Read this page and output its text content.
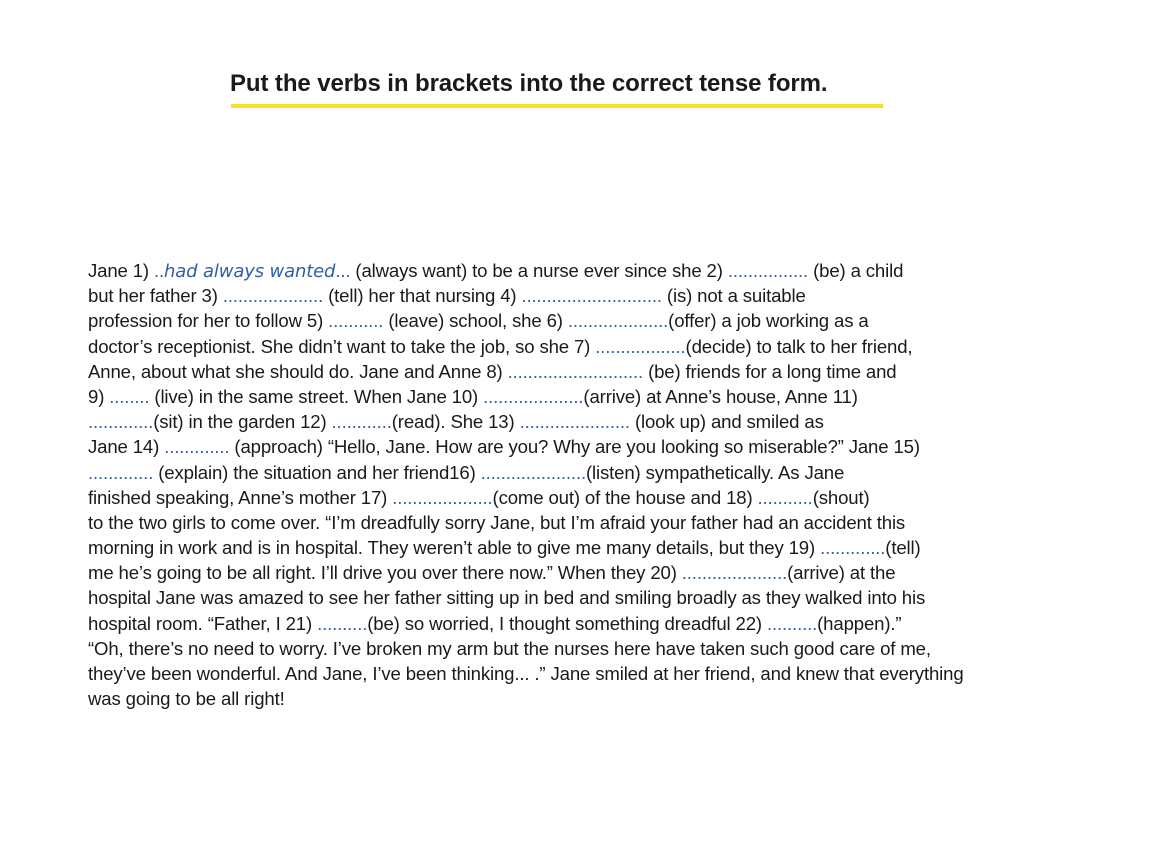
Put the verbs in brackets into the correct tense form.
Jane 1) ..had always wanted... (always want) to be a nurse ever since she 2) ................ (be) a child
but her father 3) .................... (tell) her that nursing 4) ............................ (is) not a suitable
profession for her to follow 5) ........... (leave) school, she 6) ....................(offer) a job working as a
doctor’s receptionist. She didn’t want to take the job, so she 7) ..................(decide) to talk to her friend,
Anne, about what she should do. Jane and Anne 8) ........................... (be) friends for a long time and
9) ........ (live) in the same street. When Jane 10) ....................(arrive) at Anne’s house, Anne 11)
.............(sit) in the garden 12) ............(read). She 13) ...................... (look up) and smiled as
Jane 14) ............. (approach) “Hello, Jane. How are you? Why are you looking so miserable?” Jane 15)
............. (explain) the situation and her friend16) .....................(listen) sympathetically. As Jane
finished speaking, Anne’s mother 17) ....................(come out) of the house and 18) ...........(shout)
to the two girls to come over. “I’m dreadfully sorry Jane, but I’m afraid your father had an accident this
morning in work and is in hospital. They weren’t able to give me many details, but they 19) .............(tell)
me he’s going to be all right. I’ll drive you over there now.” When they 20) .....................(arrive) at the
hospital Jane was amazed to see her father sitting up in bed and smiling broadly as they walked into his
hospital room. “Father, I 21) ..........(be) so worried, I thought something dreadful 22) ..........(happen).”
“Oh, there’s no need to worry. I’ve broken my arm but the nurses here have taken such good care of me,
they’ve been wonderful. And Jane, I’ve been thinking... .” Jane smiled at her friend, and knew that everything
was going to be all right!
